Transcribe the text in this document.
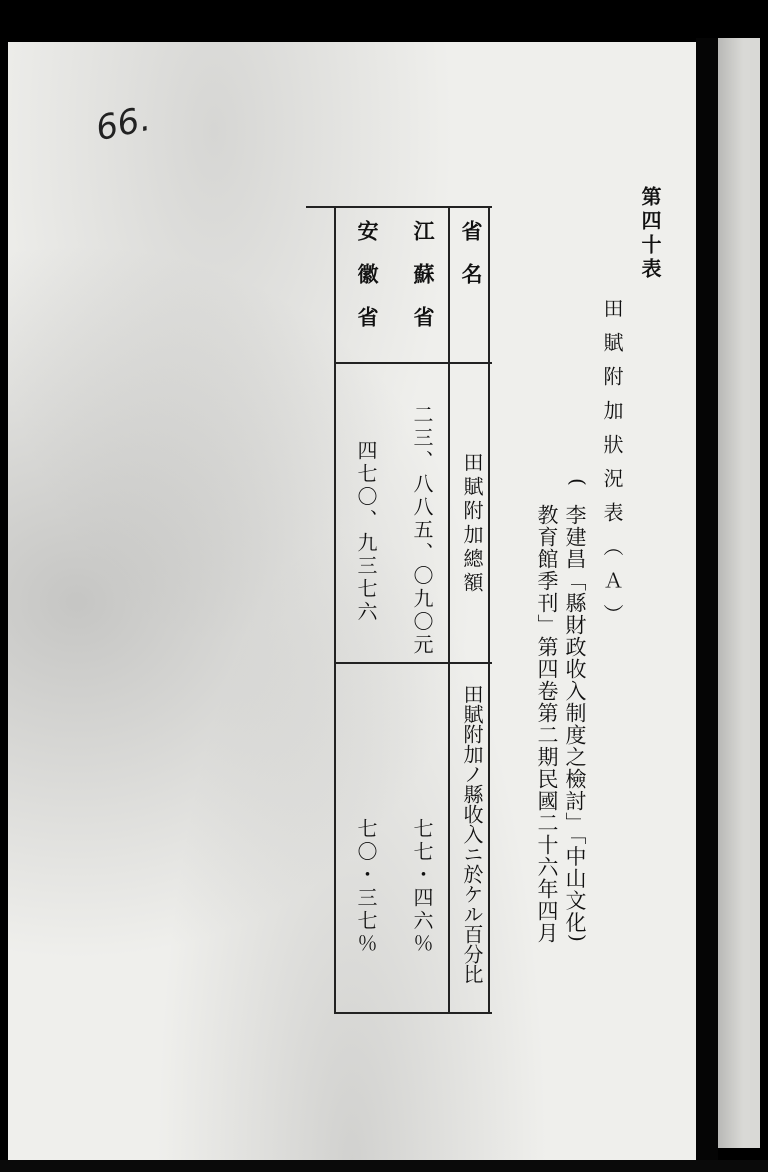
66.
第四十表
田賦附加狀況表（Ａ）
(
李建昌「縣財政收入制度之檢討」「中山文化
教育館季刊」第四卷第二期民國二十六年四月 )
省名
田賦附加總額
田賦附加ノ縣收入ニ於ケル百分比
江蘇省
二三、八八五、〇九〇元
七七・四六％
安徽省
四七〇、九三七六
七〇・三七％
